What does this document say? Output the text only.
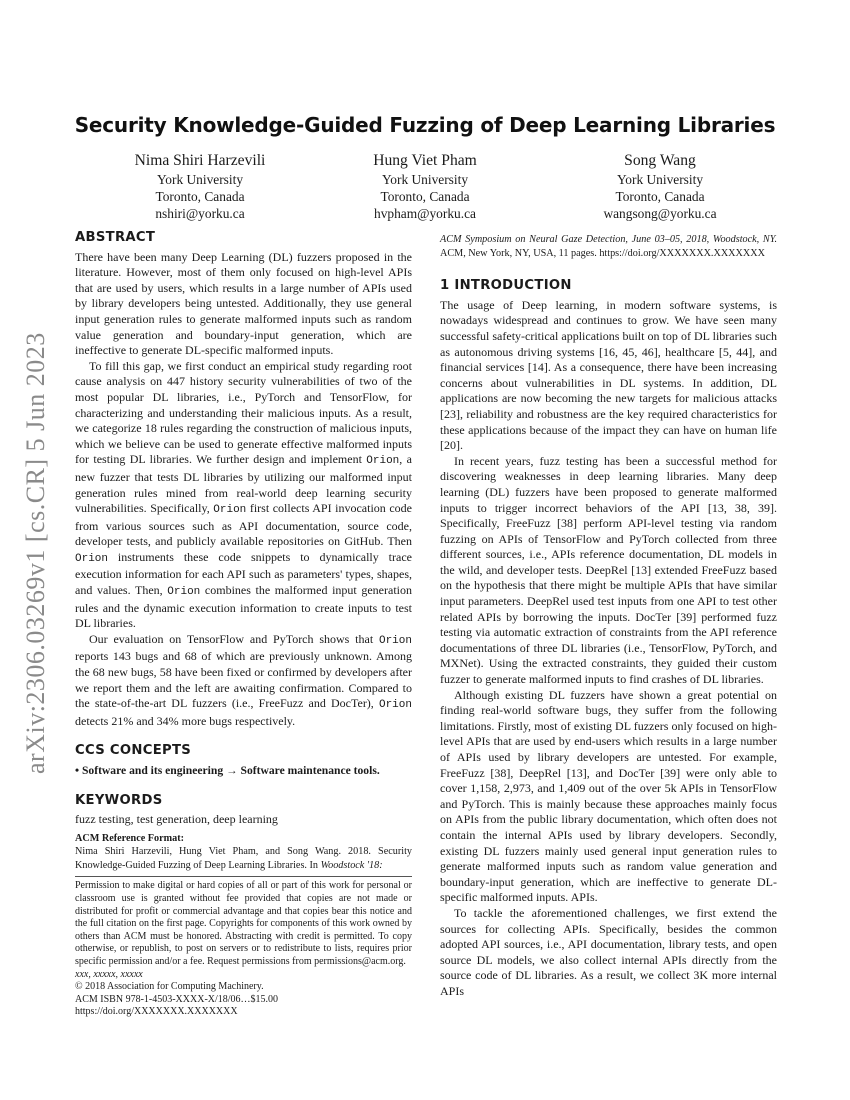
arXiv:2306.03269v1 [cs.CR] 5 Jun 2023
Security Knowledge-Guided Fuzzing of Deep Learning Libraries
Nima Shiri Harzevili
York University
Toronto, Canada
nshiri@yorku.ca
Hung Viet Pham
York University
Toronto, Canada
hvpham@yorku.ca
Song Wang
York University
Toronto, Canada
wangsong@yorku.ca
ABSTRACT

There have been many Deep Learning (DL) fuzzers proposed in the literature. However, most of them only focused on high-level APIs that are used by users, which results in a large number of APIs used by library developers being untested. Additionally, they use general input generation rules to generate malformed inputs such as random value generation and boundary-input generation, which are ineffective to generate DL-specific malformed inputs.

To fill this gap, we first conduct an empirical study regarding root cause analysis on 447 history security vulnerabilities of two of the most popular DL libraries, i.e., PyTorch and TensorFlow, for characterizing and understanding their malicious inputs. As a result, we categorize 18 rules regarding the construction of malicious inputs, which we believe can be used to generate effective malformed inputs for testing DL libraries. We further design and implement Orion, a new fuzzer that tests DL libraries by utilizing our malformed input generation rules mined from real-world deep learning security vulnerabilities. Specifically, Orion first collects API invocation code from various sources such as API documentation, source code, developer tests, and publicly available repositories on GitHub. Then Orion instruments these code snippets to dynamically trace execution information for each API such as parameters' types, shapes, and values. Then, Orion combines the malformed input generation rules and the dynamic execution information to create inputs to test DL libraries.

Our evaluation on TensorFlow and PyTorch shows that Orion reports 143 bugs and 68 of which are previously unknown. Among the 68 new bugs, 58 have been fixed or confirmed by developers after we report them and the left are awaiting confirmation. Compared to the state-of-the-art DL fuzzers (i.e., FreeFuzz and DocTer), Orion detects 21% and 34% more bugs respectively.

CCS CONCEPTS

• Software and its engineering → Software maintenance tools.

KEYWORDS

fuzz testing, test generation, deep learning

ACM Reference Format:

Nima Shiri Harzevili, Hung Viet Pham, and Song Wang. 2018. Security Knowledge-Guided Fuzzing of Deep Learning Libraries. In Woodstock '18:

Permission to make digital or hard copies of all or part of this work for personal or classroom use is granted without fee provided that copies are not made or distributed for profit or commercial advantage and that copies bear this notice and the full citation on the first page. Copyrights for components of this work owned by others than ACM must be honored. Abstracting with credit is permitted. To copy otherwise, or republish, to post on servers or to redistribute to lists, requires prior specific permission and/or a fee. Request permissions from permissions@acm.org.

xxx, xxxxx, xxxxx
© 2018 Association for Computing Machinery.
ACM ISBN 978-1-4503-XXXX-X/18/06…$15.00
https://doi.org/XXXXXXX.XXXXXXX

ACM Symposium on Neural Gaze Detection, June 03–05, 2018, Woodstock, NY. ACM, New York, NY, USA, 11 pages. https://doi.org/XXXXXXX.XXXXXXX

1 INTRODUCTION

The usage of Deep learning, in modern software systems, is nowadays widespread and continues to grow. We have seen many successful safety-critical applications built on top of DL libraries such as autonomous driving systems [16, 45, 46], healthcare [5, 44], and financial services [14]. As a consequence, there have been increasing concerns about vulnerabilities in DL systems. In addition, DL applications are now becoming the new targets for malicious attacks [23], reliability and robustness are the key required characteristics for these applications because of the impact they can have on human life [20].

In recent years, fuzz testing has been a successful method for discovering weaknesses in deep learning libraries. Many deep learning (DL) fuzzers have been proposed to generate malformed inputs to trigger incorrect behaviors of the API [13, 38, 39]. Specifically, FreeFuzz [38] perform API-level testing via random fuzzing on APIs of TensorFlow and PyTorch collected from three different sources, i.e., APIs reference documentation, DL models in the wild, and developer tests. DeepRel [13] extended FreeFuzz based on the hypothesis that there might be multiple APIs that have similar input parameters. DeepRel used test inputs from one API to test other related APIs by borrowing the inputs. DocTer [39] performed fuzz testing via automatic extraction of constraints from the API reference documentations of three DL libraries (i.e., TensorFlow, PyTorch, and MXNet). Using the extracted constraints, they guided their custom fuzzer to generate malformed inputs to find crashes of DL libraries.

Although existing DL fuzzers have shown a great potential on finding real-world software bugs, they suffer from the following limitations. Firstly, most of existing DL fuzzers only focused on high-level APIs that are used by end-users which results in a large number of APIs used by library developers are untested. For example, FreeFuzz [38], DeepRel [13], and DocTer [39] were only able to cover 1,158, 2,973, and 1,409 out of the over 5k APIs in TensorFlow and PyTorch. This is mainly because these approaches mainly focus on APIs from the public library documentation, which often does not contain the internal APIs used by library developers. Secondly, existing DL fuzzers mainly used general input generation rules to generate malformed inputs such as random value generation and boundary-input generation, which are ineffective to generate DL-specific malformed inputs. APIs.

To tackle the aforementioned challenges, we first extend the sources for collecting APIs. Specifically, besides the common adopted API sources, i.e., API documentation, library tests, and open source DL models, we also collect internal APIs directly from the source code of DL libraries. As a result, we collect 3K more internal APIs
